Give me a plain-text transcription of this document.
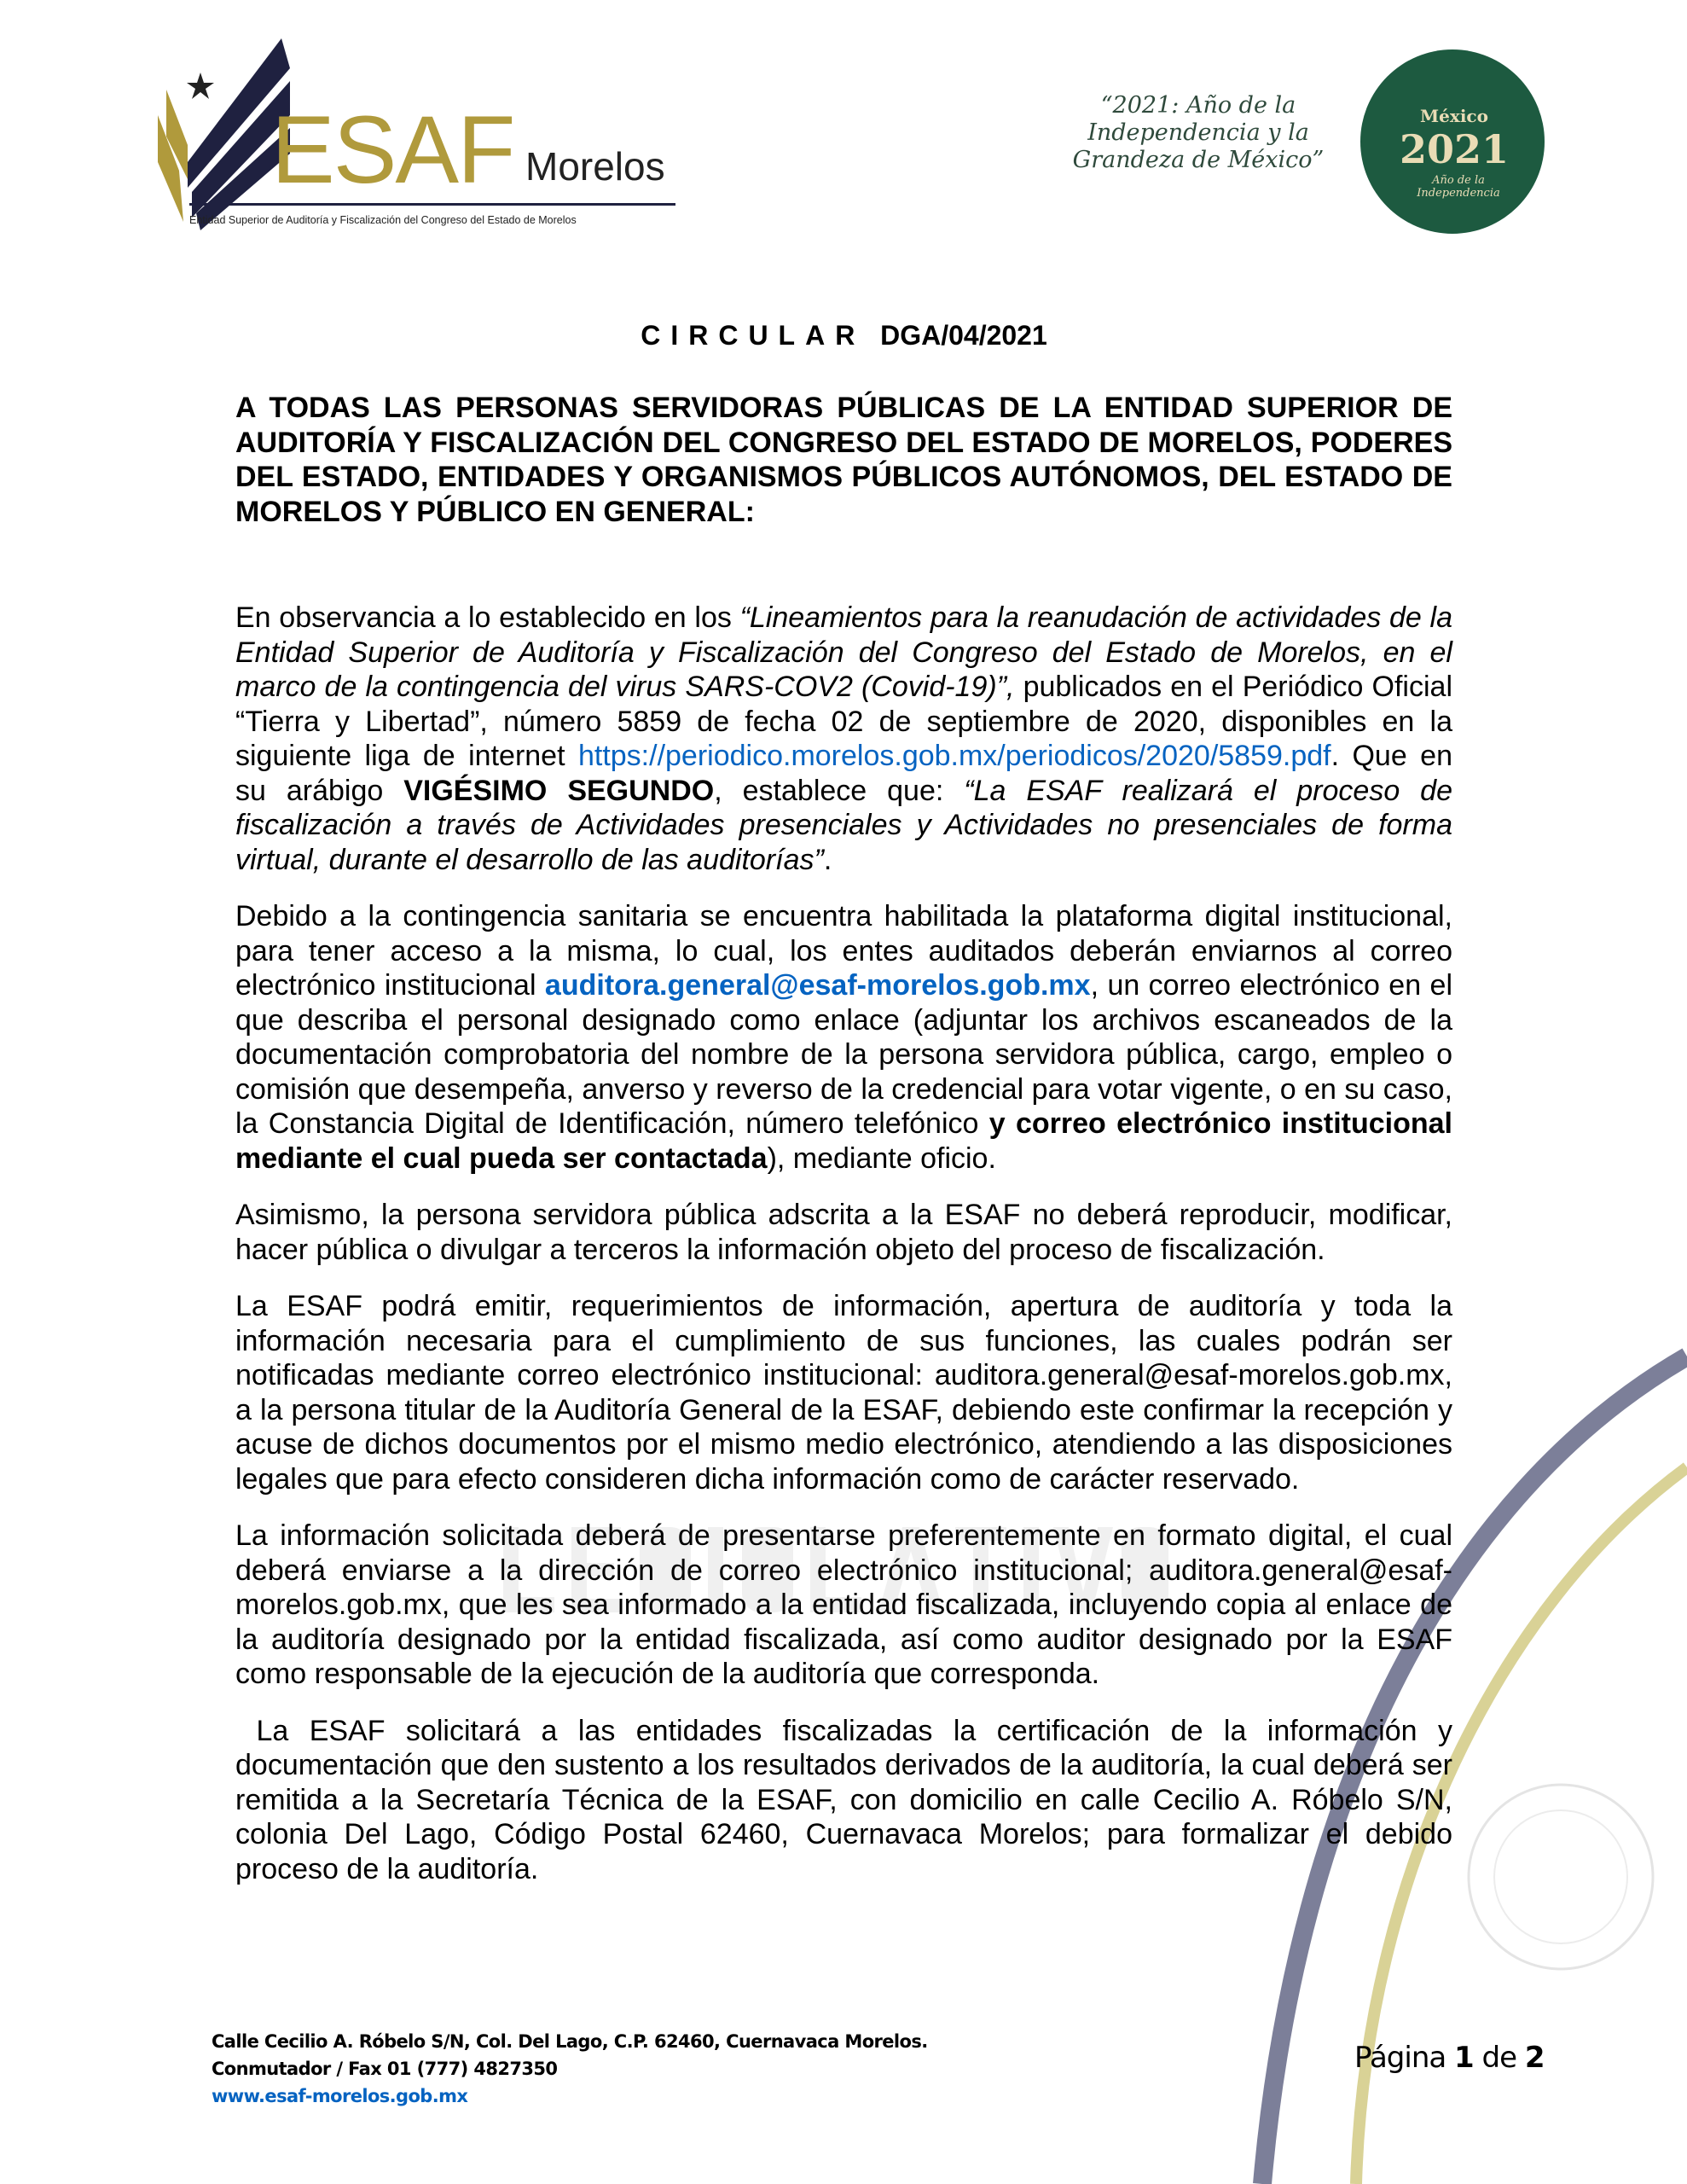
ESAF Morelos
Entidad Superior de Auditoría y Fiscalización del Congreso del Estado de Morelos
“2021: Año de la Independencia y la Grandeza de México”
México
2021
Año de la Independencia
CIRCULAR DGA/04/2021
A TODAS LAS PERSONAS SERVIDORAS PÚBLICAS DE LA ENTIDAD SUPERIOR DE AUDITORÍA Y FISCALIZACIÓN DEL CONGRESO DEL ESTADO DE MORELOS, PODERES DEL ESTADO, ENTIDADES Y ORGANISMOS PÚBLICOS AUTÓNOMOS, DEL ESTADO DE MORELOS Y PÚBLICO EN GENERAL:

En observancia a lo establecido en los “Lineamientos para la reanudación de actividades de la Entidad Superior de Auditoría y Fiscalización del Congreso del Estado de Morelos, en el marco de la contingencia del virus SARS-COV2 (Covid-19)”, publicados en el Periódico Oficial “Tierra y Libertad”, número 5859 de fecha 02 de septiembre de 2020, disponibles en la siguiente liga de internet https://periodico.morelos.gob.mx/periodicos/2020/5859.pdf. Que en su arábigo VIGÉSIMO SEGUNDO, establece que: “La ESAF realizará el proceso de fiscalización a través de Actividades presenciales y Actividades no presenciales de forma virtual, durante el desarrollo de las auditorías”.

Debido a la contingencia sanitaria se encuentra habilitada la plataforma digital institucional, para tener acceso a la misma, lo cual, los entes auditados deberán enviarnos al correo electrónico institucional auditora.general@esaf-morelos.gob.mx, un correo electrónico en el que describa el personal designado como enlace (adjuntar los archivos escaneados de la documentación comprobatoria del nombre de la persona servidora pública, cargo, empleo o comisión que desempeña, anverso y reverso de la credencial para votar vigente, o en su caso, la Constancia Digital de Identificación, número telefónico y correo electrónico institucional mediante el cual pueda ser contactada), mediante oficio.

Asimismo, la persona servidora pública adscrita a la ESAF no deberá reproducir, modificar, hacer pública o divulgar a terceros la información objeto del proceso de fiscalización.

La ESAF podrá emitir, requerimientos de información, apertura de auditoría y toda la información necesaria para el cumplimiento de sus funciones, las cuales podrán ser notificadas mediante correo electrónico institucional: auditora.general@esaf-morelos.gob.mx, a la persona titular de la Auditoría General de la ESAF, debiendo este confirmar la recepción y acuse de dichos documentos por el mismo medio electrónico, atendiendo a las disposiciones legales que para efecto consideren dicha información como de carácter reservado.

La información solicitada deberá de presentarse preferentemente en formato digital, el cual deberá enviarse a la dirección de correo electrónico institucional; auditora.general@esaf-morelos.gob.mx, que les sea informado a la entidad fiscalizada, incluyendo copia al enlace de la auditoría designado por la entidad fiscalizada, así como auditor designado por la ESAF como responsable de la ejecución de la auditoría que corresponda.

La ESAF solicitará a las entidades fiscalizadas la certificación de la información y documentación que den sustento a los resultados derivados de la auditoría, la cual deberá ser remitida a la Secretaría Técnica de la ESAF, con domicilio en calle Cecilio A. Róbelo S/N, colonia Del Lago, Código Postal 62460, Cuernavaca Morelos; para formalizar el debido proceso de la auditoría.

Calle Cecilio A. Róbelo S/N, Col. Del Lago, C.P. 62460, Cuernavaca Morelos.
Conmutador / Fax 01 (777) 4827350
www.esaf-morelos.gob.mx
Página 1 de 2
